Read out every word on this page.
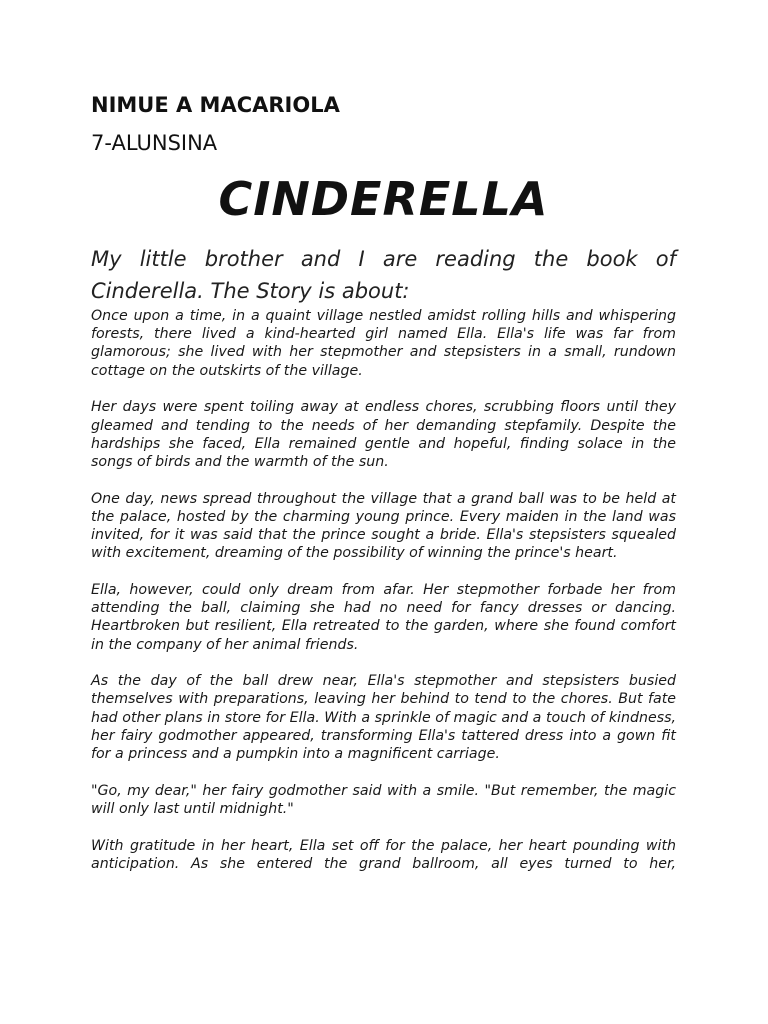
NIMUE A MACARIOLA
7-ALUNSINA
CINDERELLA
My little brother and I are reading the book of Cinderella. The Story is about:

Once upon a time, in a quaint village nestled amidst rolling hills and whispering forests, there lived a kind-hearted girl named Ella. Ella's life was far from glamorous; she lived with her stepmother and stepsisters in a small, rundown cottage on the outskirts of the village.

Her days were spent toiling away at endless chores, scrubbing floors until they gleamed and tending to the needs of her demanding stepfamily. Despite the hardships she faced, Ella remained gentle and hopeful, finding solace in the songs of birds and the warmth of the sun.

One day, news spread throughout the village that a grand ball was to be held at the palace, hosted by the charming young prince. Every maiden in the land was invited, for it was said that the prince sought a bride. Ella's stepsisters squealed with excitement, dreaming of the possibility of winning the prince's heart.

Ella, however, could only dream from afar. Her stepmother forbade her from attending the ball, claiming she had no need for fancy dresses or dancing. Heartbroken but resilient, Ella retreated to the garden, where she found comfort in the company of her animal friends.

As the day of the ball drew near, Ella's stepmother and stepsisters busied themselves with preparations, leaving her behind to tend to the chores. But fate had other plans in store for Ella. With a sprinkle of magic and a touch of kindness, her fairy godmother appeared, transforming Ella's tattered dress into a gown fit for a princess and a pumpkin into a magnificent carriage.

"Go, my dear," her fairy godmother said with a smile. "But remember, the magic will only last until midnight."

With gratitude in her heart, Ella set off for the palace, her heart pounding with anticipation. As she entered the grand ballroom, all eyes turned to her,
